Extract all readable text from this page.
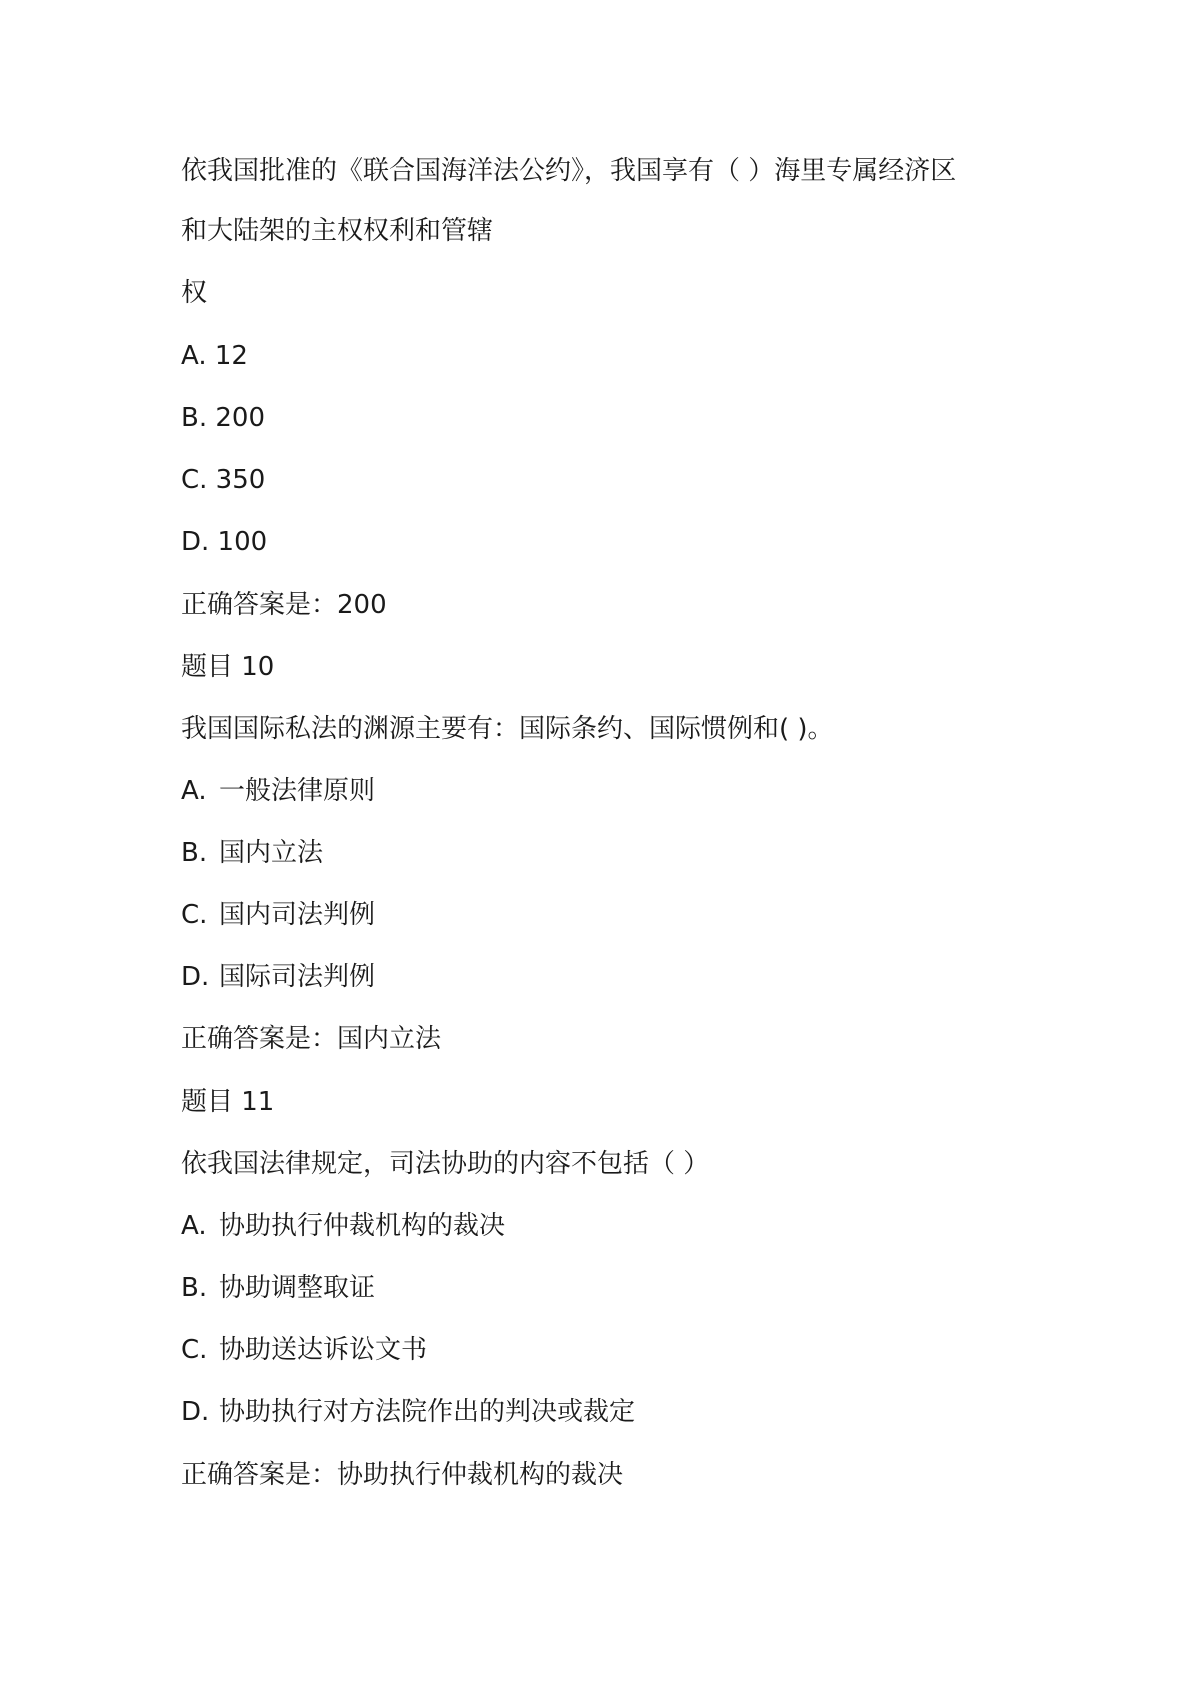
依我国批准的《联合国海洋法公约》，我国享有（ ）海里专属经济区
和大陆架的主权权利和管辖
权
A. 12
B. 200
C. 350
D. 100
正确答案是：200
题目 10
我国国际私法的渊源主要有：国际条约、国际惯例和( )。
A. 一般法律原则
B. 国内立法
C. 国内司法判例
D. 国际司法判例
正确答案是：国内立法
题目 11
依我国法律规定，司法协助的内容不包括（ ）
A. 协助执行仲裁机构的裁决
B. 协助调整取证
C. 协助送达诉讼文书
D. 协助执行对方法院作出的判决或裁定
正确答案是：协助执行仲裁机构的裁决
